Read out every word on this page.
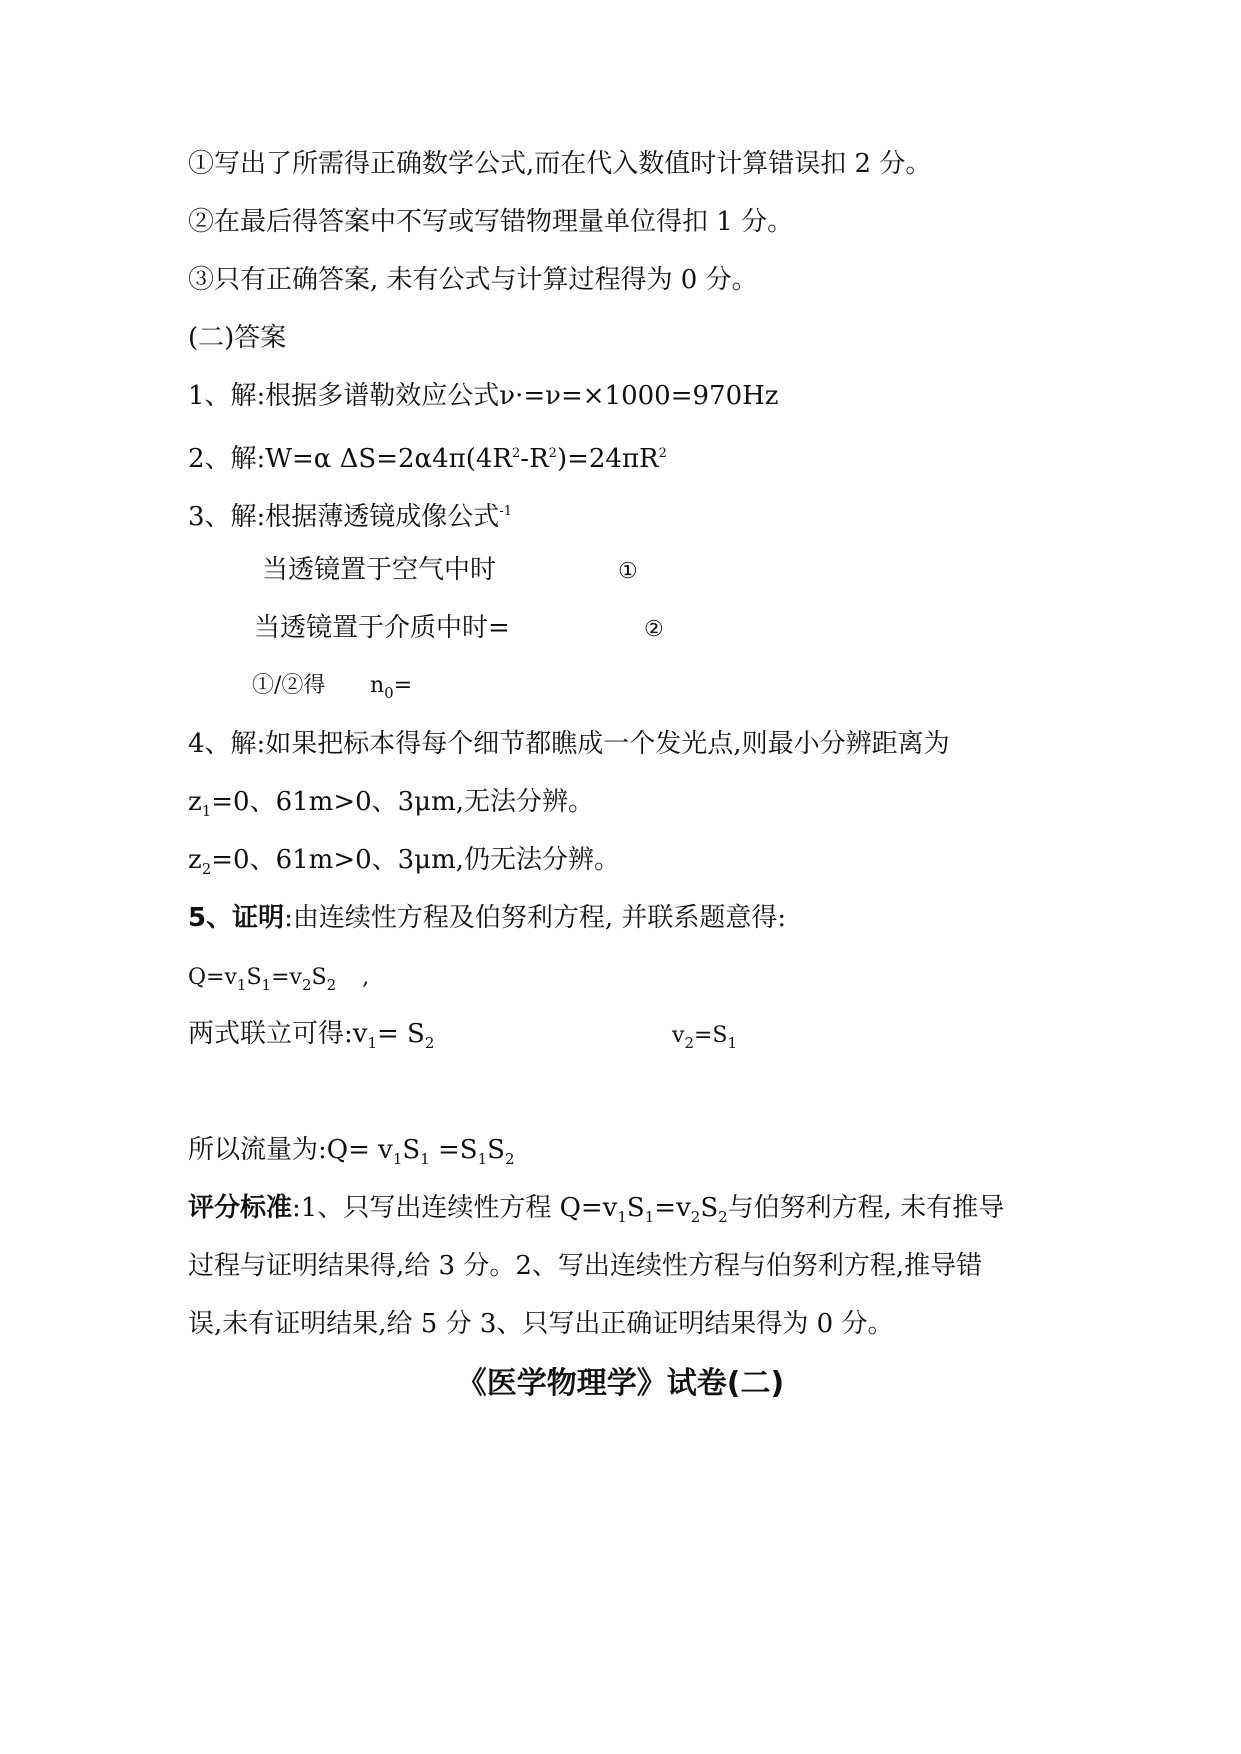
①写出了所需得正确数学公式,而在代入数值时计算错误扣 2 分。
②在最后得答案中不写或写错物理量单位得扣 1 分。
③只有正确答案, 未有公式与计算过程得为 0 分。
(二)答案
1、解:根据多谱勒效应公式ν·=ν=×1000=970Hz
2、解:W=α $\Delta S=2\alpha 4\pi(4R^2-R^2)=24\pi R^2$
3、解:根据薄透镜成像公式$^{-1}$
当透镜置于空气中时	①
当透镜置于介质中时=	②
①/②得 $n_0=$
4、解:如果把标本得每个细节都瞧成一个发光点,则最小分辨距离为
$z_1=0$、61m>0、3μm,无法分辨。
$z_2=0$、61m>0、3μm,仍无法分辨。
5、证明:由连续性方程及伯努利方程, 并联系题意得:
$Q=v_1S_1=v_2S_2$ ,
两式联立可得$:v_1= S_2$	$v_2=S_1$
所以流量为:Q= $v_1S_1 =S_1S_2$
评分标准:1、只写出连续性方程 $Q=v_1S_1=v_2S_2$与伯努利方程, 未有推导
过程与证明结果得,给 3 分。2、写出连续性方程与伯努利方程,推导错
误,未有证明结果,给 5 分 3、只写出正确证明结果得为 0 分。
《医学物理学》试卷(二)
